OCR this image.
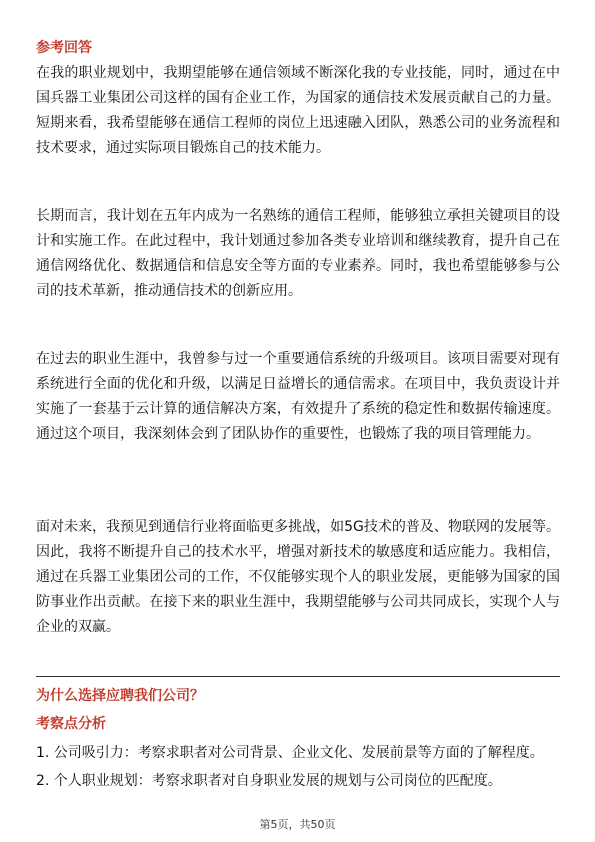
参考回答
在我的职业规划中，我期望能够在通信领域不断深化我的专业技能，同时，通过在中国兵器工业集团公司这样的国有企业工作，为国家的通信技术发展贡献自己的力量。短期来看，我希望能够在通信工程师的岗位上迅速融入团队，熟悉公司的业务流程和技术要求，通过实际项目锻炼自己的技术能力。
长期而言，我计划在五年内成为一名熟练的通信工程师，能够独立承担关键项目的设计和实施工作。在此过程中，我计划通过参加各类专业培训和继续教育，提升自己在通信网络优化、数据通信和信息安全等方面的专业素养。同时，我也希望能够参与公司的技术革新，推动通信技术的创新应用。
在过去的职业生涯中，我曾参与过一个重要通信系统的升级项目。该项目需要对现有系统进行全面的优化和升级，以满足日益增长的通信需求。在项目中，我负责设计并实施了一套基于云计算的通信解决方案，有效提升了系统的稳定性和数据传输速度。通过这个项目，我深刻体会到了团队协作的重要性，也锻炼了我的项目管理能力。
面对未来，我预见到通信行业将面临更多挑战，如5G技术的普及、物联网的发展等。因此，我将不断提升自己的技术水平，增强对新技术的敏感度和适应能力。我相信，通过在兵器工业集团公司的工作，不仅能够实现个人的职业发展，更能够为国家的国防事业作出贡献。在接下来的职业生涯中，我期望能够与公司共同成长，实现个人与企业的双赢。
为什么选择应聘我们公司？
考察点分析
1. 公司吸引力：考察求职者对公司背景、企业文化、发展前景等方面的了解程度。
2. 个人职业规划：考察求职者对自身职业发展的规划与公司岗位的匹配度。
第5页，共50页
